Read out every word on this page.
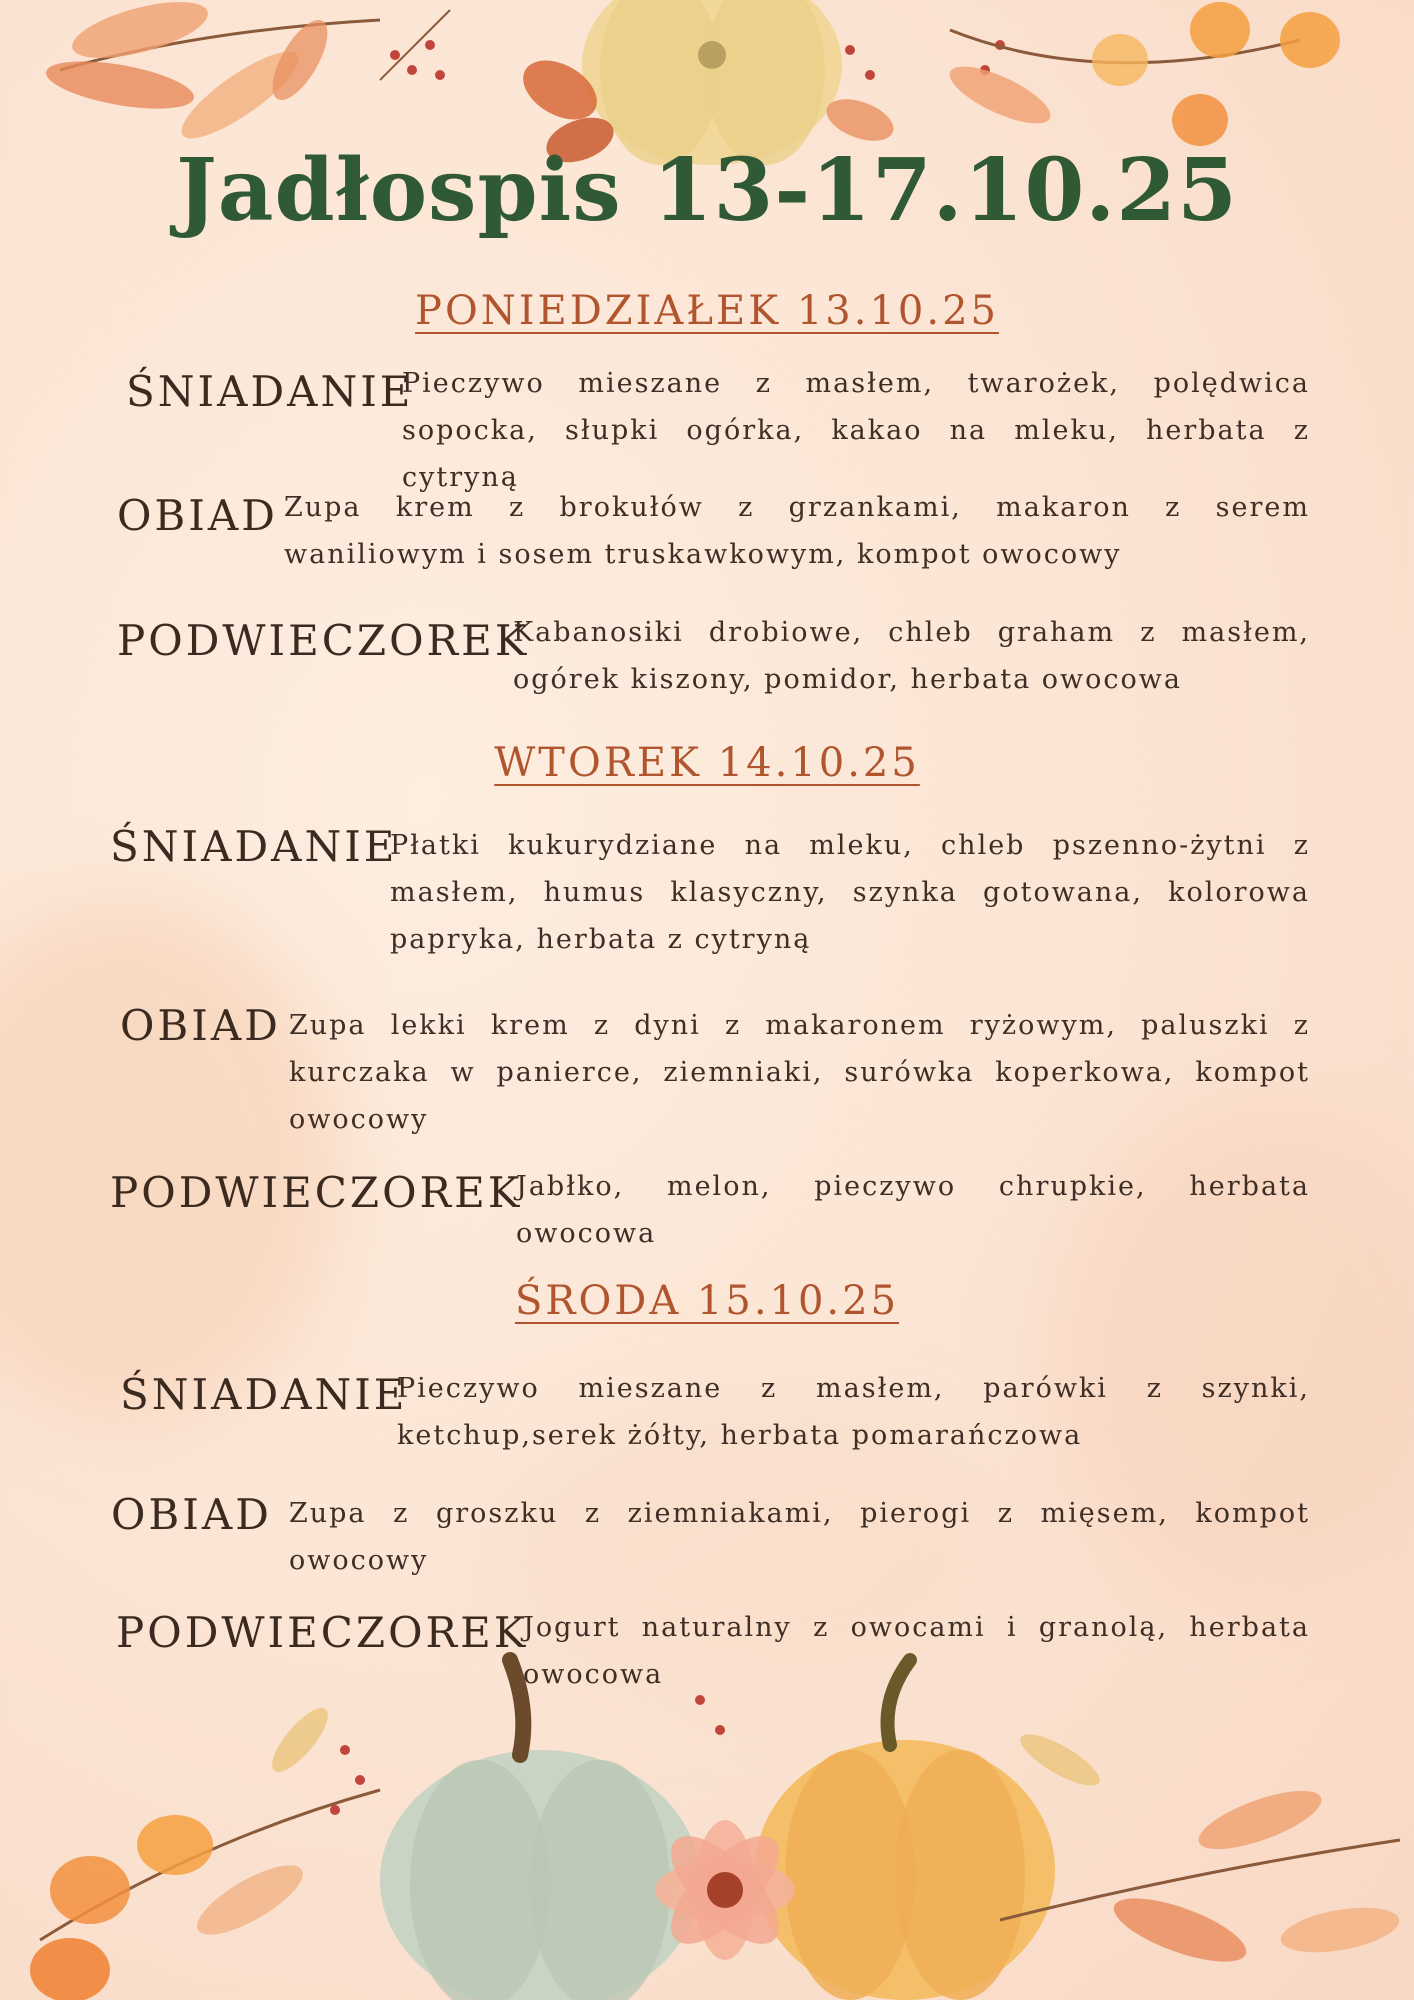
Jadłospis 13-17.10.25
PONIEDZIAŁEK 13.10.25
ŚNIADANIE
Pieczywo mieszane z masłem, twarożek, polędwica sopocka, słupki ogórka, kakao na mleku, herbata z cytryną
OBIAD Zupa krem z brokułów z grzankami, makaron z serem waniliowym i sosem truskawkowym, kompot owocowy
PODWIECZOREK
Kabanosiki drobiowe, chleb graham z masłem, ogórek kiszony, pomidor, herbata owocowa
WTOREK 14.10.25
ŚNIADANIE
Płatki kukurydziane na mleku, chleb pszenno-żytni z masłem, humus klasyczny, szynka gotowana, kolorowa papryka, herbata z cytryną
OBIAD Zupa lekki krem z dyni z makaronem ryżowym, paluszki z kurczaka w panierce, ziemniaki, surówka koperkowa, kompot owocowy
PODWIECZOREK
Jabłko, melon, pieczywo chrupkie, herbata owocowa
ŚRODA 15.10.25
ŚNIADANIE
Pieczywo mieszane z masłem, parówki z szynki, ketchup,serek żółty, herbata pomarańczowa
OBIAD Zupa z groszku z ziemniakami, pierogi z mięsem, kompot owocowy
PODWIECZOREK
Jogurt naturalny z owocami i granolą, herbata owocowa
